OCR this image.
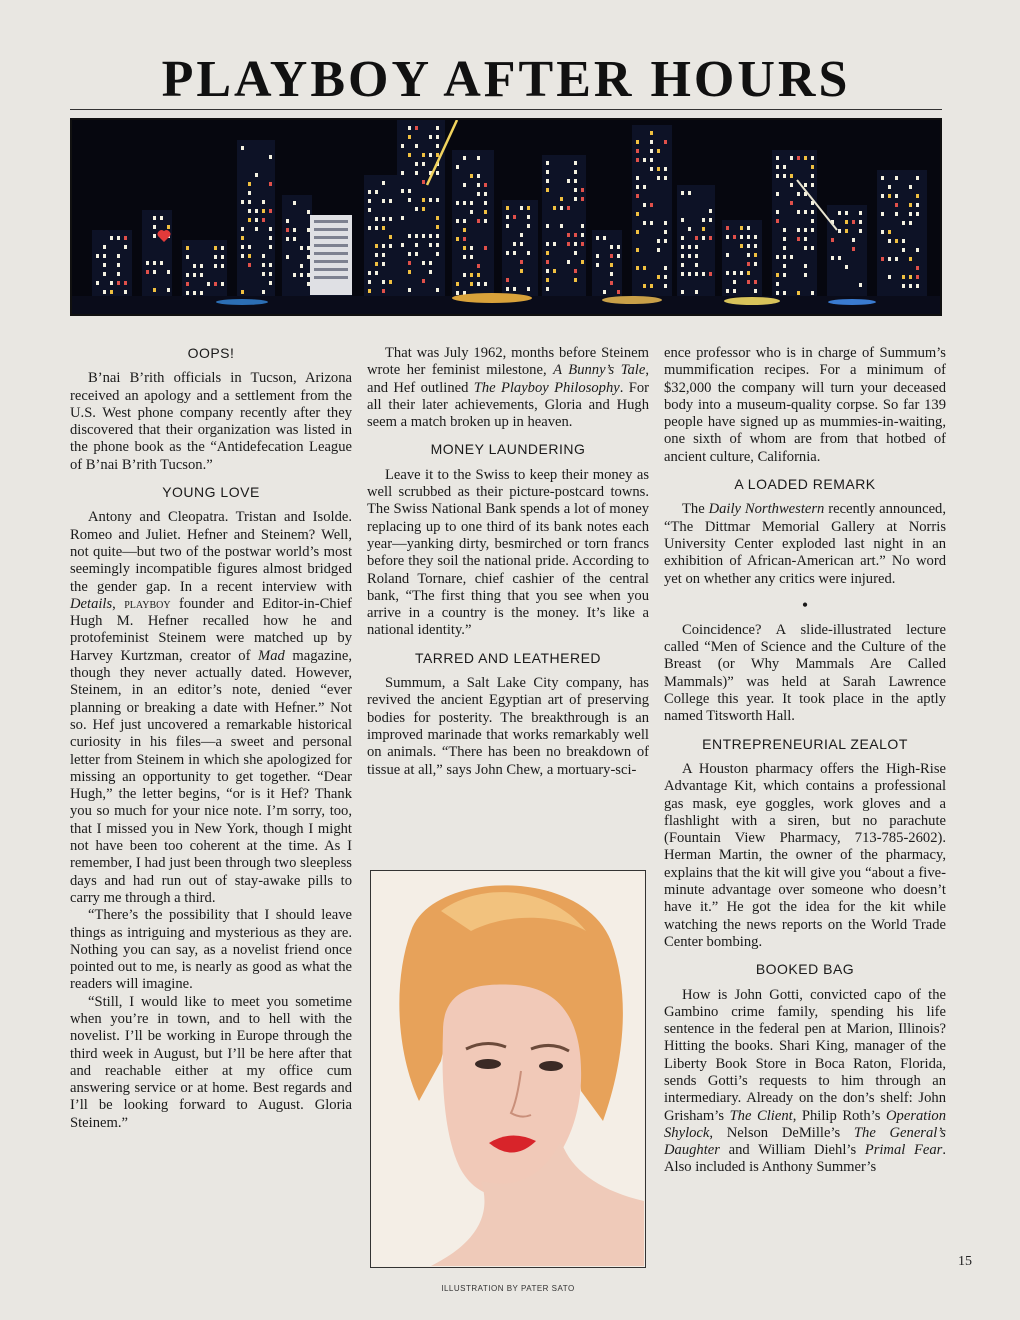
PLAYBOY AFTER HOURS
OOPS!

B’nai B’rith officials in Tucson, Arizona received an apology and a settlement from the U.S. West phone company recently after they discovered that their organization was listed in the phone book as the “Antidefecation League of B’nai B’rith Tucson.”

YOUNG LOVE

Antony and Cleopatra. Tristan and Isolde. Romeo and Juliet. Hefner and Steinem? Well, not quite—but two of the postwar world’s most seemingly incompatible figures almost bridged the gender gap. In a recent interview with Details, playboy founder and Editor-in-Chief Hugh M. Hefner recalled how he and protofeminist Steinem were matched up by Harvey Kurtzman, creator of Mad magazine, though they never actually dated. However, Steinem, in an editor’s note, denied “ever planning or breaking a date with Hefner.” Not so. Hef just uncovered a remarkable historical curiosity in his files—a sweet and personal letter from Steinem in which she apologized for missing an opportunity to get together. “Dear Hugh,” the letter begins, “or is it Hef? Thank you so much for your nice note. I’m sorry, too, that I missed you in New York, though I might not have been too coherent at the time. As I remember, I had just been through two sleepless days and had run out of stay-awake pills to carry me through a third.

“There’s the possibility that I should leave things as intriguing and mysterious as they are. Nothing you can say, as a novelist friend once pointed out to me, is nearly as good as what the readers will imagine.

“Still, I would like to meet you sometime when you’re in town, and to hell with the novelist. I’ll be working in Europe through the third week in August, but I’ll be here after that and reachable either at my office cum answering service or at home. Best regards and I’ll be looking forward to August. Gloria Steinem.”

That was July 1962, months before Steinem wrote her feminist milestone, A Bunny’s Tale, and Hef outlined The Playboy Philosophy. For all their later achievements, Gloria and Hugh seem a match broken up in heaven.

MONEY LAUNDERING

Leave it to the Swiss to keep their money as well scrubbed as their picture-postcard towns. The Swiss National Bank spends a lot of money replacing up to one third of its bank notes each year—yanking dirty, besmirched or torn francs before they soil the national pride. According to Roland Tornare, chief cashier of the central bank, “The first thing that you see when you arrive in a country is the money. It’s like a national identity.”

TARRED AND LEATHERED

Summum, a Salt Lake City company, has revived the ancient Egyptian art of preserving bodies for posterity. The breakthrough is an improved marinade that works remarkably well on animals. “There has been no breakdown of tissue at all,” says John Chew, a mortuary-sci-

ence professor who is in charge of Summum’s mummification recipes. For a minimum of $32,000 the company will turn your deceased body into a museum-quality corpse. So far 139 people have signed up as mummies-in-waiting, one sixth of whom are from that hotbed of ancient culture, California.

A LOADED REMARK

The Daily Northwestern recently announced, “The Dittmar Memorial Gallery at Norris University Center exploded last night in an exhibition of African-American art.” No word yet on whether any critics were injured.

•

Coincidence? A slide-illustrated lecture called “Men of Science and the Culture of the Breast (or Why Mammals Are Called Mammals)” was held at Sarah Lawrence College this year. It took place in the aptly named Titsworth Hall.

ENTREPRENEURIAL ZEALOT

A Houston pharmacy offers the High-Rise Advantage Kit, which contains a professional gas mask, eye goggles, work gloves and a flashlight with a siren, but no parachute (Fountain View Pharmacy, 713-785-2602). Herman Martin, the owner of the pharmacy, explains that the kit will give you “about a five-minute advantage over someone who doesn’t have it.” He got the idea for the kit while watching the news reports on the World Trade Center bombing.

BOOKED BAG

How is John Gotti, convicted capo of the Gambino crime family, spending his life sentence in the federal pen at Marion, Illinois? Hitting the books. Shari King, manager of the Liberty Book Store in Boca Raton, Florida, sends Gotti’s requests to him through an intermediary. Already on the don’s shelf: John Grisham’s The Client, Philip Roth’s Operation Shylock, Nelson DeMille’s The General’s Daughter and William Diehl’s Primal Fear. Also included is Anthony Summer’s

ILLUSTRATION BY PATER SATO
15
